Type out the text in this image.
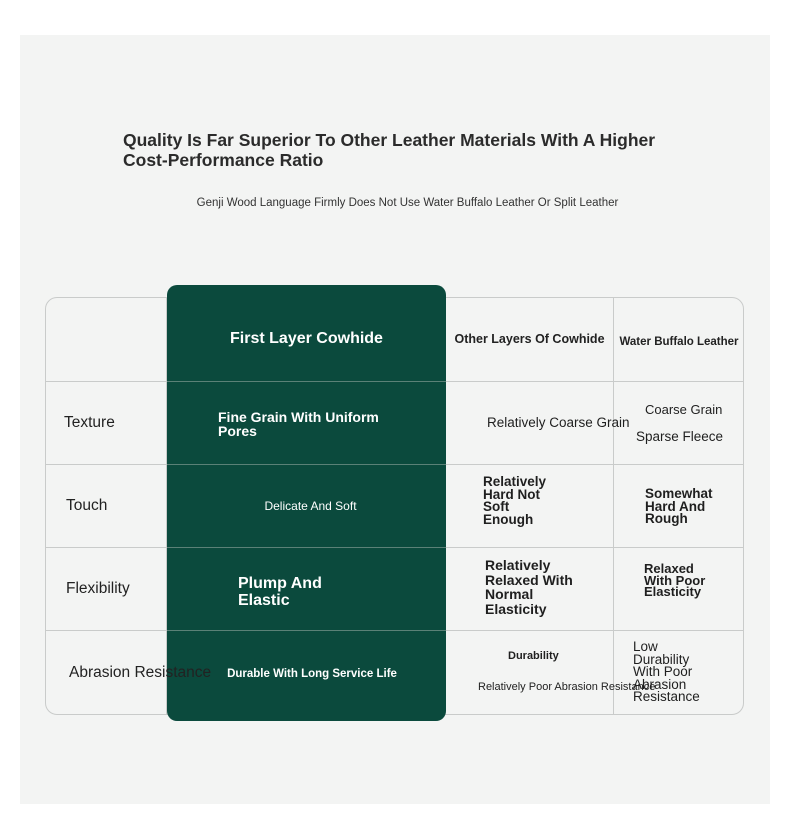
Quality Is Far Superior To Other Leather Materials With A Higher Cost-Performance Ratio
Genji Wood Language Firmly Does Not Use Water Buffalo Leather Or Split Leather
First Layer Cowhide	Other Layers Of Cowhide	Water Buffalo Leather
Texture
Touch
Flexibility
Abrasion Resistance
Fine Grain With Uniform Pores
Relatively Coarse Grain
Coarse Grain
Sparse Fleece
Delicate And Soft
Relatively Hard Not Soft Enough
Somewhat Hard And Rough
Plump And Elastic
Relatively Relaxed With Normal Elasticity
Relaxed With Poor Elasticity
Durable With Long Service Life
Durability
Relatively Poor Abrasion Resistance
Low Durability With Poor Abrasion Resistance
